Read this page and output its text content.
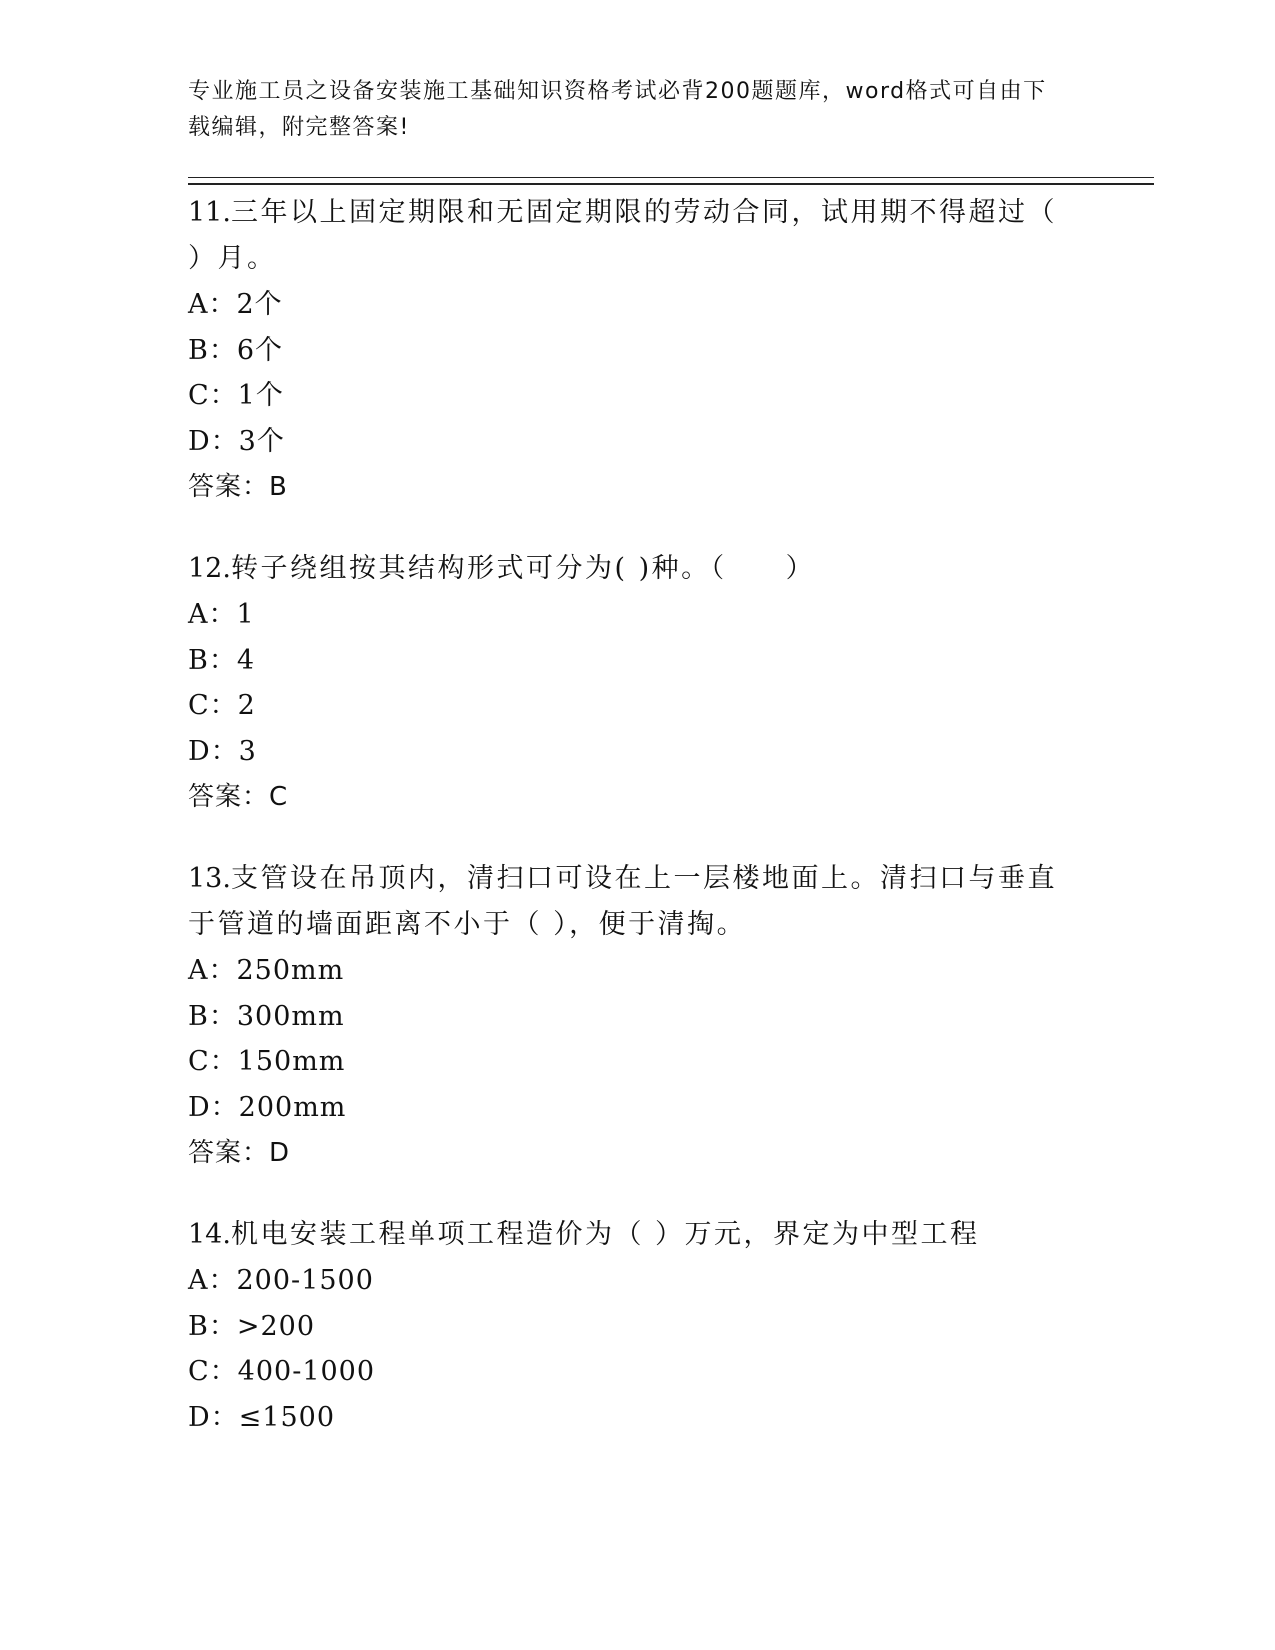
专业施工员之设备安装施工基础知识资格考试必背200题题库，word格式可自由下载编辑，附完整答案!
11.三年以上固定期限和无固定期限的劳动合同，试用期不得超过（ ）月。
A：2个
B：6个
C：1个
D：3个
答案：B
12.转子绕组按其结构形式可分为( )种。（　　）
A：1
B：4
C：2
D：3
答案：C
13.支管设在吊顶内，清扫口可设在上一层楼地面上。清扫口与垂直于管道的墙面距离不小于（ ），便于清掏。
A：250mm
B：300mm
C：150mm
D：200mm
答案：D
14.机电安装工程单项工程造价为（ ）万元，界定为中型工程
A：200-1500
B：>200
C：400-1000
D：≤1500
